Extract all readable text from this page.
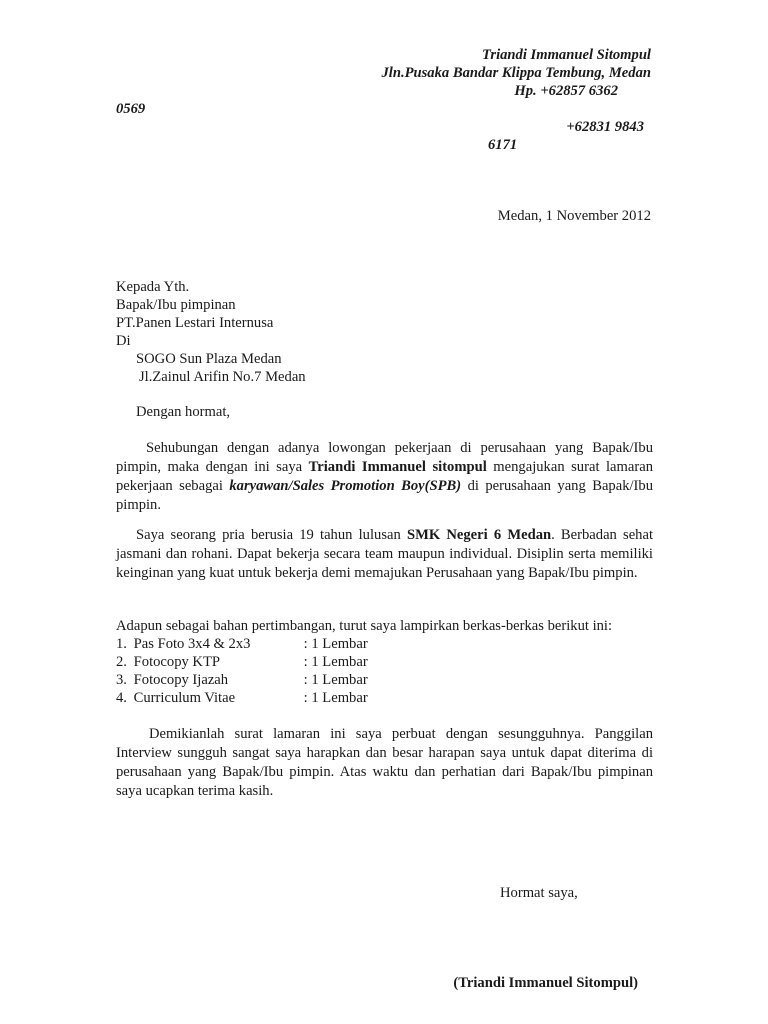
Triandi Immanuel Sitompul
Jln.Pusaka Bandar Klippa Tembung, Medan
Hp. +62857 6362
0569
+62831 9843
6171
Medan, 1 November 2012
Kepada Yth.
Bapak/Ibu pimpinan
PT.Panen Lestari Internusa
Di
SOGO Sun Plaza Medan
Jl.Zainul Arifin No.7 Medan
Dengan hormat,

Sehubungan dengan adanya lowongan pekerjaan di perusahaan yang Bapak/Ibu pimpin, maka dengan ini saya Triandi Immanuel sitompul mengajukan surat lamaran pekerjaan sebagai karyawan/Sales Promotion Boy(SPB) di perusahaan yang Bapak/Ibu pimpin.

Saya seorang pria berusia 19 tahun lulusan SMK Negeri 6 Medan. Berbadan sehat jasmani dan rohani. Dapat bekerja secara team maupun individual. Disiplin serta memiliki keinginan yang kuat untuk bekerja demi memajukan Perusahaan yang Bapak/Ibu pimpin.

Adapun sebagai bahan pertimbangan, turut saya lampirkan berkas-berkas berikut ini:
1. Pas Foto 3x4 & 2x3	: 1 Lembar
2. Fotocopy KTP	: 1 Lembar
3. Fotocopy Ijazah	: 1 Lembar
4. Curriculum Vitae	: 1 Lembar

Demikianlah surat lamaran ini saya perbuat dengan sesungguhnya. Panggilan Interview sungguh sangat saya harapkan dan besar harapan saya untuk dapat diterima di perusahaan yang Bapak/Ibu pimpin. Atas waktu dan perhatian dari Bapak/Ibu pimpinan saya ucapkan terima kasih.

Hormat saya,
(Triandi Immanuel Sitompul)
